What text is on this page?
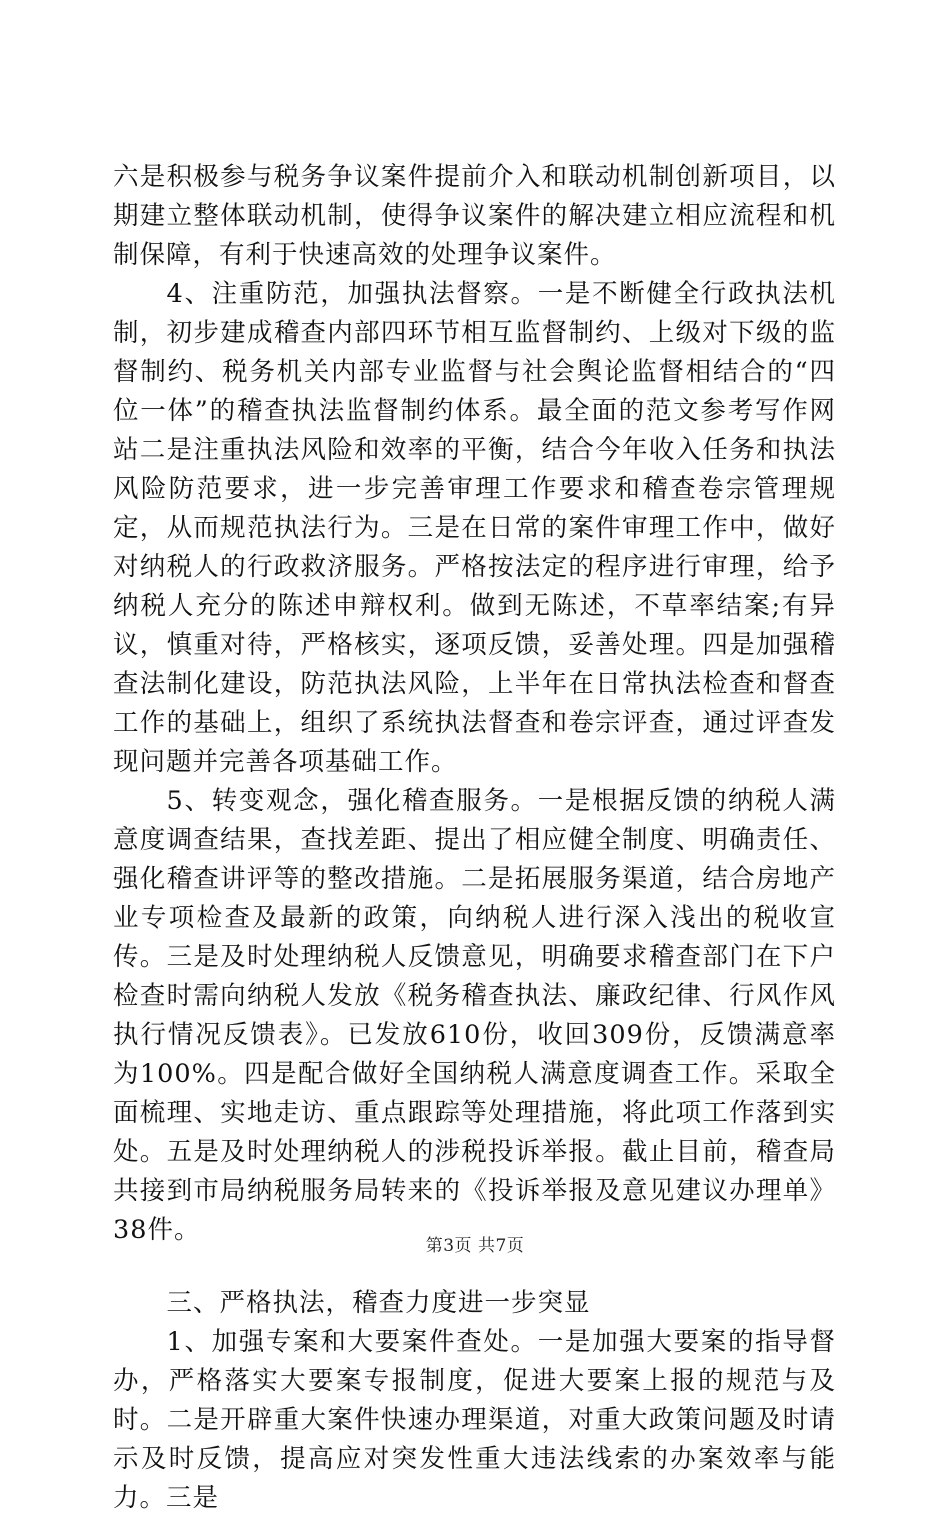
六是积极参与税务争议案件提前介入和联动机制创新项目，以期建立整体联动机制，使得争议案件的解决建立相应流程和机制保障，有利于快速高效的处理争议案件。

4、注重防范，加强执法督察。一是不断健全行政执法机制，初步建成稽查内部四环节相互监督制约、上级对下级的监督制约、税务机关内部专业监督与社会舆论监督相结合的“四位一体”的稽查执法监督制约体系。最全面的范文参考写作网站二是注重执法风险和效率的平衡，结合今年收入任务和执法风险防范要求，进一步完善审理工作要求和稽查卷宗管理规定，从而规范执法行为。三是在日常的案件审理工作中，做好对纳税人的行政救济服务。严格按法定的程序进行审理，给予纳税人充分的陈述申辩权利。做到无陈述，不草率结案;有异议，慎重对待，严格核实，逐项反馈，妥善处理。四是加强稽查法制化建设，防范执法风险，上半年在日常执法检查和督查工作的基础上，组织了系统执法督查和卷宗评查，通过评查发现问题并完善各项基础工作。

5、转变观念，强化稽查服务。一是根据反馈的纳税人满意度调查结果，查找差距、提出了相应健全制度、明确责任、强化稽查讲评等的整改措施。二是拓展服务渠道，结合房地产业专项检查及最新的政策，向纳税人进行深入浅出的税收宣传。三是及时处理纳税人反馈意见，明确要求稽查部门在下户检查时需向纳税人发放《税务稽查执法、廉政纪律、行风作风执行情况反馈表》。已发放610份，收回309份，反馈满意率为100%。四是配合做好全国纳税人满意度调查工作。采取全面梳理、实地走访、重点跟踪等处理措施，将此项工作落到实处。五是及时处理纳税人的涉税投诉举报。截止目前，稽查局共接到市局纳税服务局转来的《投诉举报及意见建议办理单》38件。

三、严格执法，稽查力度进一步突显

1、加强专案和大要案件查处。一是加强大要案的指导督办，严格落实大要案专报制度，促进大要案上报的规范与及时。二是开辟重大案件快速办理渠道，对重大政策问题及时请示及时反馈，提高应对突发性重大违法线索的办案效率与能力。三是

第3页 共7页
